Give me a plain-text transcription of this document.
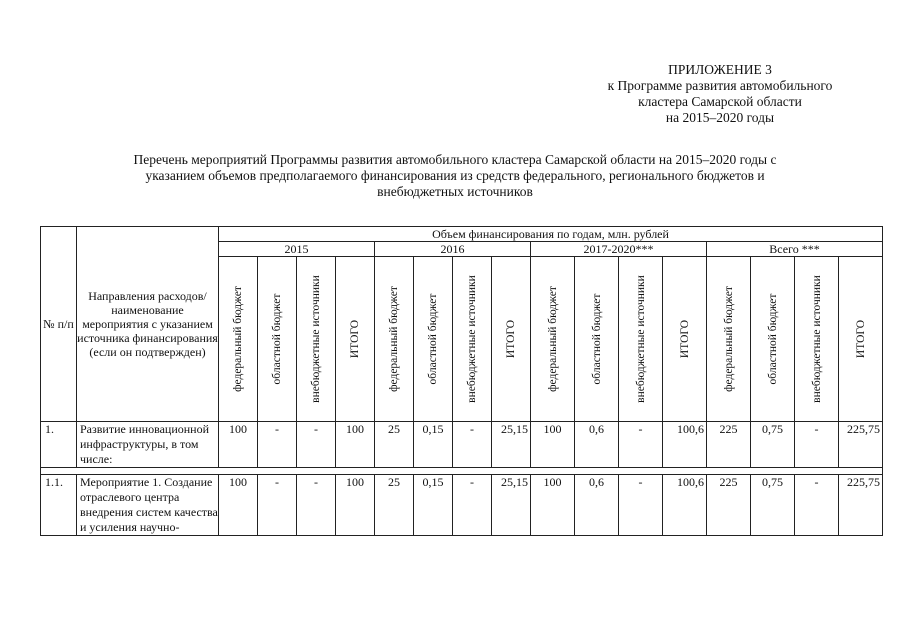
ПРИЛОЖЕНИЕ 3
к Программе развития автомобильного
кластера Самарской области
на 2015–2020 годы
Перечень мероприятий Программы развития автомобильного кластера Самарской области на 2015–2020 годы с
указанием объемов предполагаемого финансирования из средств федерального, регионального бюджетов и
внебюджетных источников
№ п/п	Направления расходов/ наименование мероприятия с указанием источника финансирования (если он подтвержден)	Объем финансирования по годам, млн. рублей															
		2015				2016				2017-2020***				Всего ***			

		федеральный бюджет	областной бюджет	внебюджетные источники	ИТОГО	федеральный бюджет	областной бюджет	внебюджетные источники	ИТОГО	федеральный бюджет	областной бюджет	внебюджетные источники	ИТОГО	федеральный бюджет	областной бюджет	внебюджетные источники	ИТОГО

1.	Развитие инновационной инфраструктуры, в том числе:	100	-	-	100	25	0,15	-	25,15	100	0,6	-	100,6	225	0,75	-	225,75

1.1.	Мероприятие 1. Создание отраслевого центра внедрения систем качества и усиления научно-	100	-	-	100	25	0,15	-	25,15	100	0,6	-	100,6	225	0,75	-	225,75
